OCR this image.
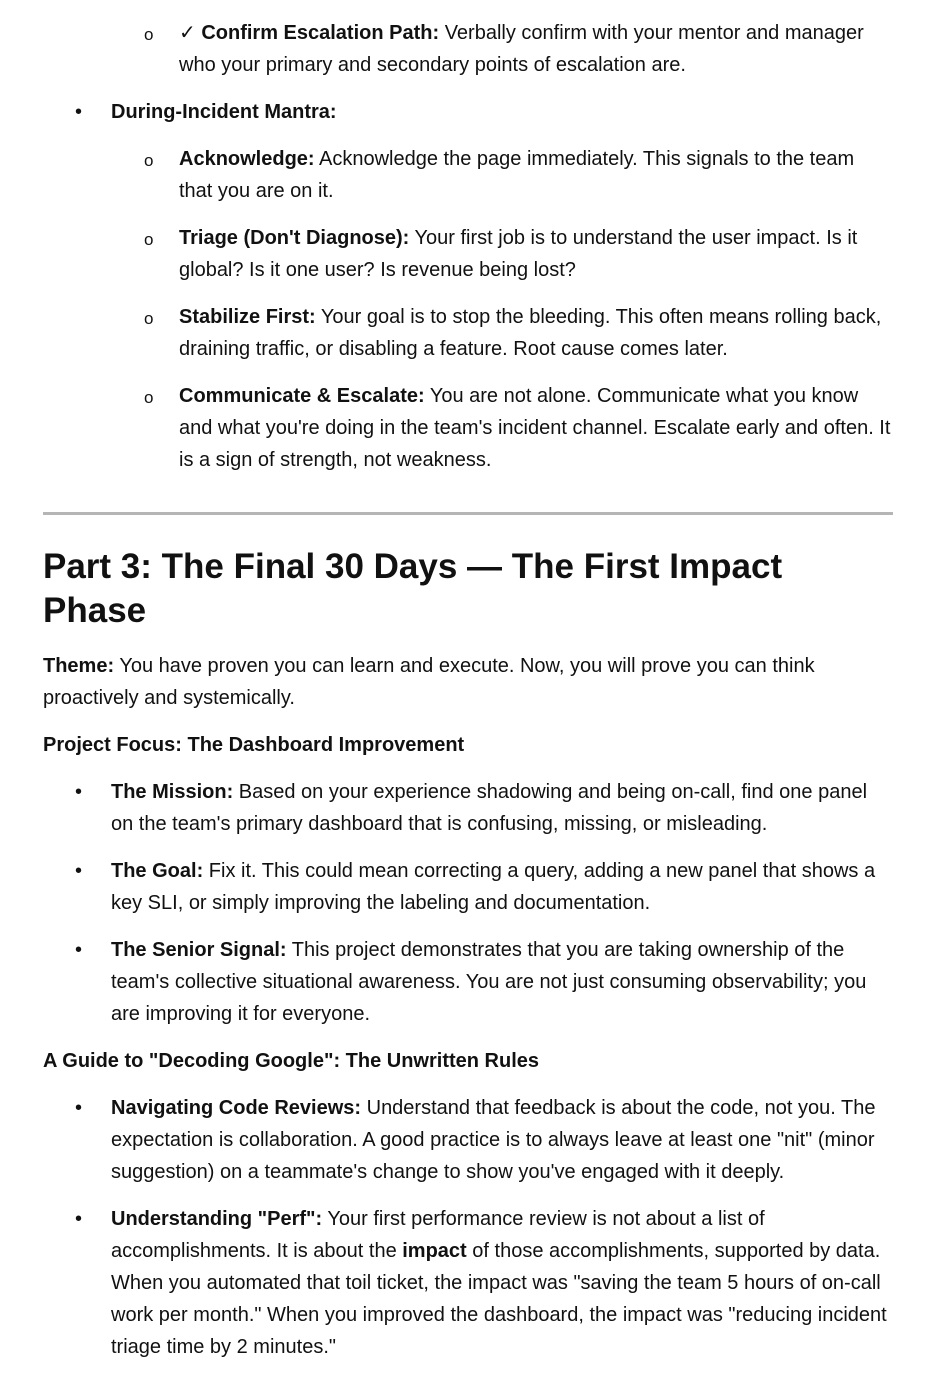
o ✓ Confirm Escalation Path: Verbally confirm with your mentor and manager who your primary and secondary points of escalation are.

• During-Incident Mantra:

o Acknowledge: Acknowledge the page immediately. This signals to the team that you are on it.

o Triage (Don't Diagnose): Your first job is to understand the user impact. Is it global? Is it one user? Is revenue being lost?

o Stabilize First: Your goal is to stop the bleeding. This often means rolling back, draining traffic, or disabling a feature. Root cause comes later.

o Communicate & Escalate: You are not alone. Communicate what you know and what you're doing in the team's incident channel. Escalate early and often. It is a sign of strength, not weakness.

Part 3: The Final 30 Days — The First Impact Phase

Theme: You have proven you can learn and execute. Now, you will prove you can think proactively and systemically.

Project Focus: The Dashboard Improvement

• The Mission: Based on your experience shadowing and being on-call, find one panel on the team's primary dashboard that is confusing, missing, or misleading.

• The Goal: Fix it. This could mean correcting a query, adding a new panel that shows a key SLI, or simply improving the labeling and documentation.

• The Senior Signal: This project demonstrates that you are taking ownership of the team's collective situational awareness. You are not just consuming observability; you are improving it for everyone.

A Guide to "Decoding Google": The Unwritten Rules

• Navigating Code Reviews: Understand that feedback is about the code, not you. The expectation is collaboration. A good practice is to always leave at least one "nit" (minor suggestion) on a teammate's change to show you've engaged with it deeply.

• Understanding "Perf": Your first performance review is not about a list of accomplishments. It is about the impact of those accomplishments, supported by data. When you automated that toil ticket, the impact was "saving the team 5 hours of on-call work per month." When you improved the dashboard, the impact was "reducing incident triage time by 2 minutes."
